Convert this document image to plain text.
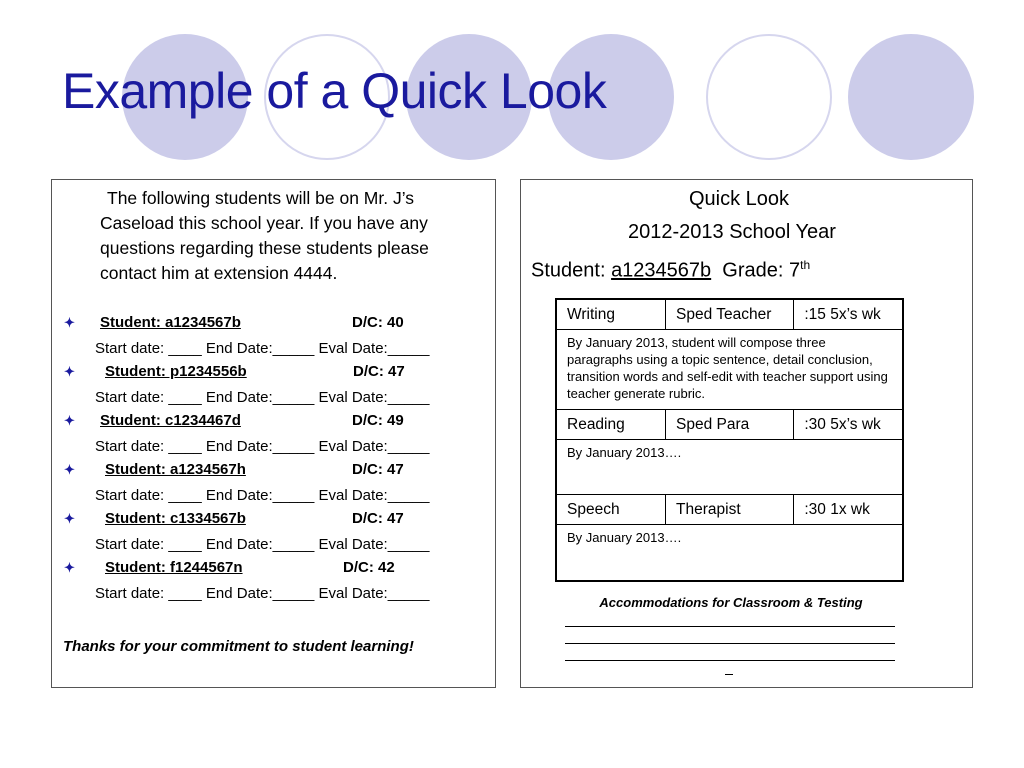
Example of a Quick Look
The following students will be on Mr. J’s Caseload this school year. If you have any questions regarding these students please contact him at extension 4444.
✦ Student: a1234567b	D/C: 40
Start date: ____ End Date:_____ Eval Date:_____
✦ Student: p1234556b	D/C: 47
Start date: ____ End Date:_____ Eval Date:_____
✦ Student: c1234467d	D/C: 49
Start date: ____ End Date:_____ Eval Date:_____
✦ Student: a1234567h	D/C: 47
Start date: ____ End Date:_____ Eval Date:_____
✦ Student: c1334567b	D/C: 47
Start date: ____ End Date:_____ Eval Date:_____
✦ Student: f1244567n	D/C: 42
Start date: ____ End Date:_____ Eval Date:_____
Thanks for your commitment to student learning!
Quick Look
2012-2013 School Year
Student: a1234567b Grade: 7th
Writing	Sped Teacher	:15 5x’s wk
By January 2013, student will compose three paragraphs using a topic sentence, detail conclusion, transition words and self-edit with teacher support using teacher generate rubric.		
Reading	Sped Para	:30 5x’s wk
By January 2013….		
Speech	Therapist	:30 1x wk
By January 2013….		
Accommodations for Classroom & Testing
